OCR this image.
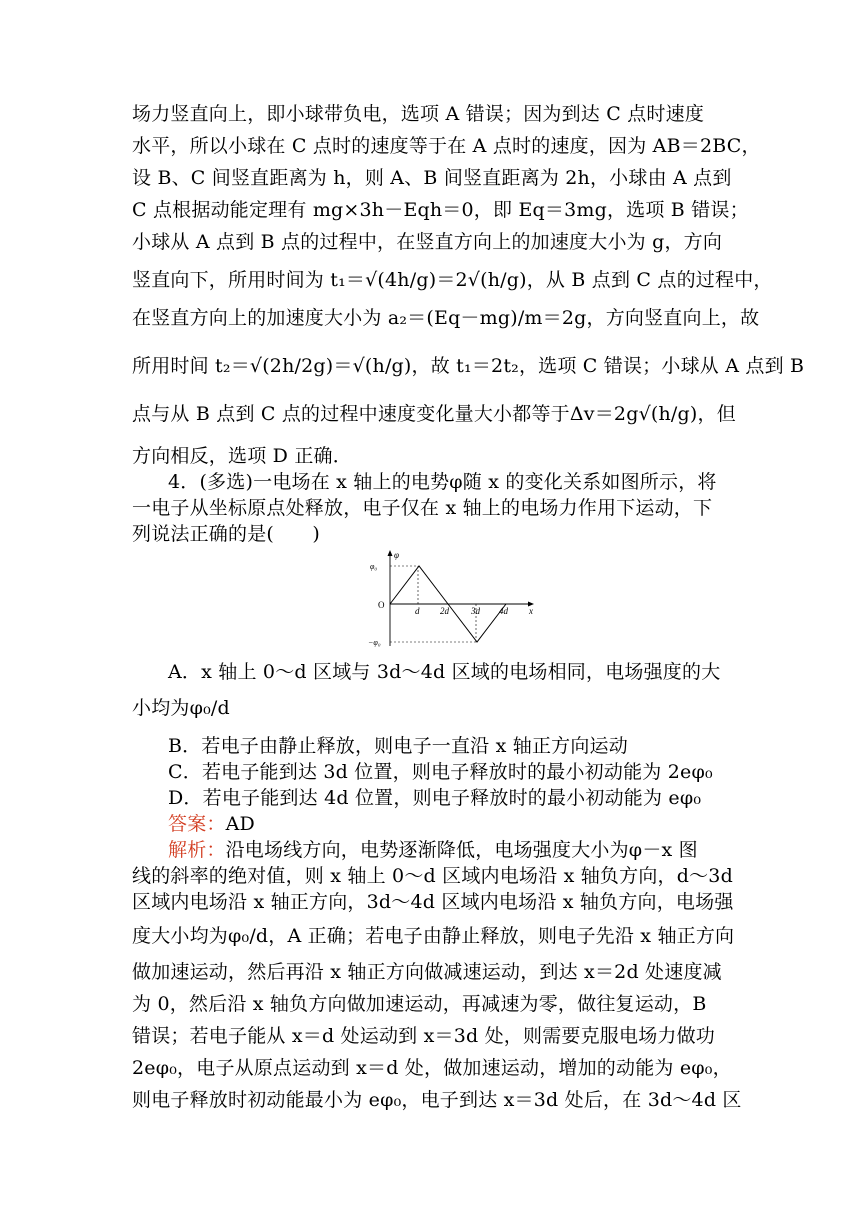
场力竖直向上，即小球带负电，选项 A 错误；因为到达 C 点时速度
水平，所以小球在 C 点时的速度等于在 A 点时的速度，因为 AB＝2BC，
设 B、C 间竖直距离为 h，则 A、B 间竖直距离为 2h，小球由 A 点到
C 点根据动能定理有 mg×3h－Eqh＝0，即 Eq＝3mg，选项 B 错误；
小球从 A 点到 B 点的过程中，在竖直方向上的加速度大小为 g，方向
竖直向下，所用时间为 t₁＝√(4h/g)＝2√(h/g)，从 B 点到 C 点的过程中，
在竖直方向上的加速度大小为 a₂＝(Eq－mg)/m＝2g，方向竖直向上，故
所用时间 t₂＝√(2h/2g)＝√(h/g)，故 t₁＝2t₂，选项 C 错误；小球从 A 点到 B
点与从 B 点到 C 点的过程中速度变化量大小都等于Δv＝2g√(h/g)，但
方向相反，选项 D 正确．
4．(多选)一电场在 x 轴上的电势φ随 x 的变化关系如图所示，将
一电子从坐标原点处释放，电子仅在 x 轴上的电场力作用下运动，下
列说法正确的是(　　)
φ
φ₀
−φ₀
O
x
d 2d 3d 4d
A．x 轴上 0～d 区域与 3d～4d 区域的电场相同，电场强度的大
小均为φ₀/d
B．若电子由静止释放，则电子一直沿 x 轴正方向运动
C．若电子能到达 3d 位置，则电子释放时的最小初动能为 2eφ₀
D．若电子能到达 4d 位置，则电子释放时的最小初动能为 eφ₀
答案：AD
解析：沿电场线方向，电势逐渐降低，电场强度大小为φ－x 图
线的斜率的绝对值，则 x 轴上 0～d 区域内电场沿 x 轴负方向，d～3d
区域内电场沿 x 轴正方向，3d～4d 区域内电场沿 x 轴负方向，电场强
度大小均为φ₀/d，A 正确；若电子由静止释放，则电子先沿 x 轴正方向
做加速运动，然后再沿 x 轴正方向做减速运动，到达 x＝2d 处速度减
为 0，然后沿 x 轴负方向做加速运动，再减速为零，做往复运动，B
错误；若电子能从 x＝d 处运动到 x＝3d 处，则需要克服电场力做功
2eφ₀，电子从原点运动到 x＝d 处，做加速运动，增加的动能为 eφ₀，
则电子释放时初动能最小为 eφ₀，电子到达 x＝3d 处后，在 3d～4d 区
